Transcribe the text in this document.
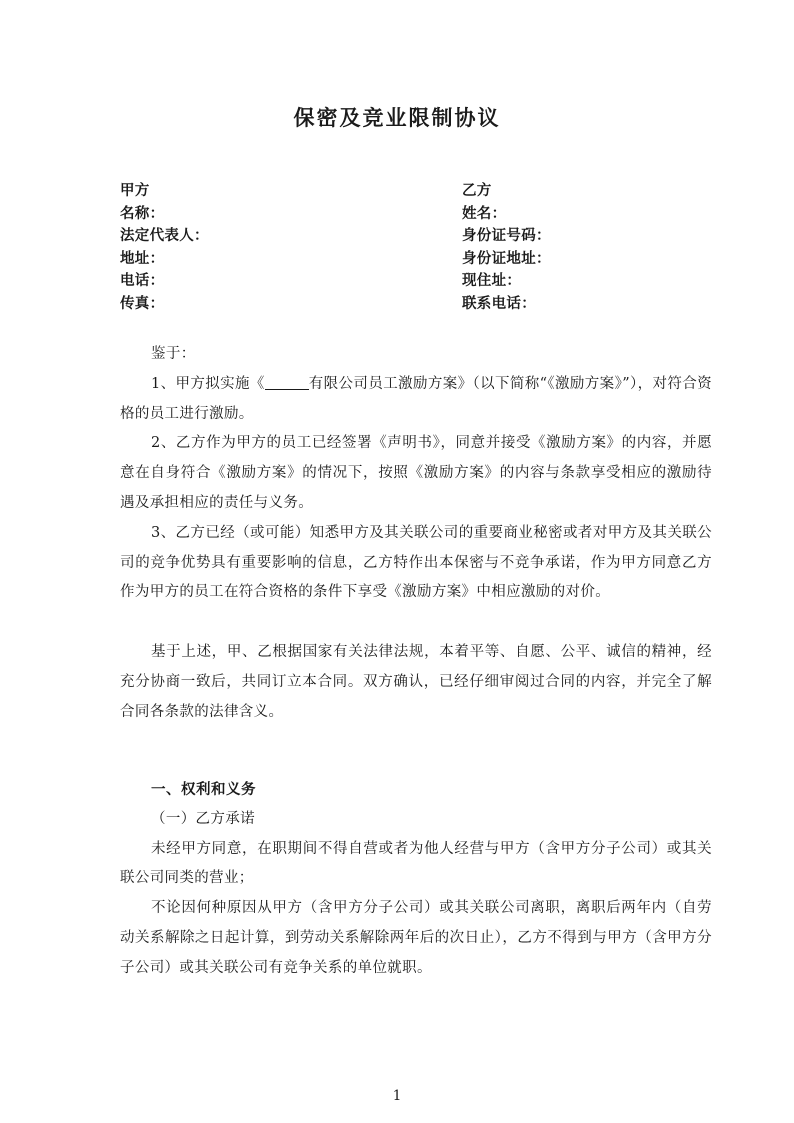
保密及竞业限制协议
甲方
名称：
法定代表人：
地址：
电话：
传真：
乙方
姓名：
身份证号码：
身份证地址：
现住址：
联系电话：

鉴于：

1、甲方拟实施《	有限公司员工激励方案》（以下简称“《激励方案》”），对符合资格的员工进行激励。

2、乙方作为甲方的员工已经签署《声明书》，同意并接受《激励方案》的内容，并愿意在自身符合《激励方案》的情况下，按照《激励方案》的内容与条款享受相应的激励待遇及承担相应的责任与义务。

3、乙方已经（或可能）知悉甲方及其关联公司的重要商业秘密或者对甲方及其关联公司的竞争优势具有重要影响的信息，乙方特作出本保密与不竞争承诺，作为甲方同意乙方作为甲方的员工在符合资格的条件下享受《激励方案》中相应激励的对价。

基于上述，甲、乙根据国家有关法律法规，本着平等、自愿、公平、诚信的精神，经充分协商一致后，共同订立本合同。双方确认，已经仔细审阅过合同的内容，并完全了解合同各条款的法律含义。

一、权利和义务

（一）乙方承诺

未经甲方同意，在职期间不得自营或者为他人经营与甲方（含甲方分子公司）或其关联公司同类的营业；

不论因何种原因从甲方（含甲方分子公司）或其关联公司离职，离职后两年内（自劳动关系解除之日起计算，到劳动关系解除两年后的次日止），乙方不得到与甲方（含甲方分子公司）或其关联公司有竞争关系的单位就职。

1
